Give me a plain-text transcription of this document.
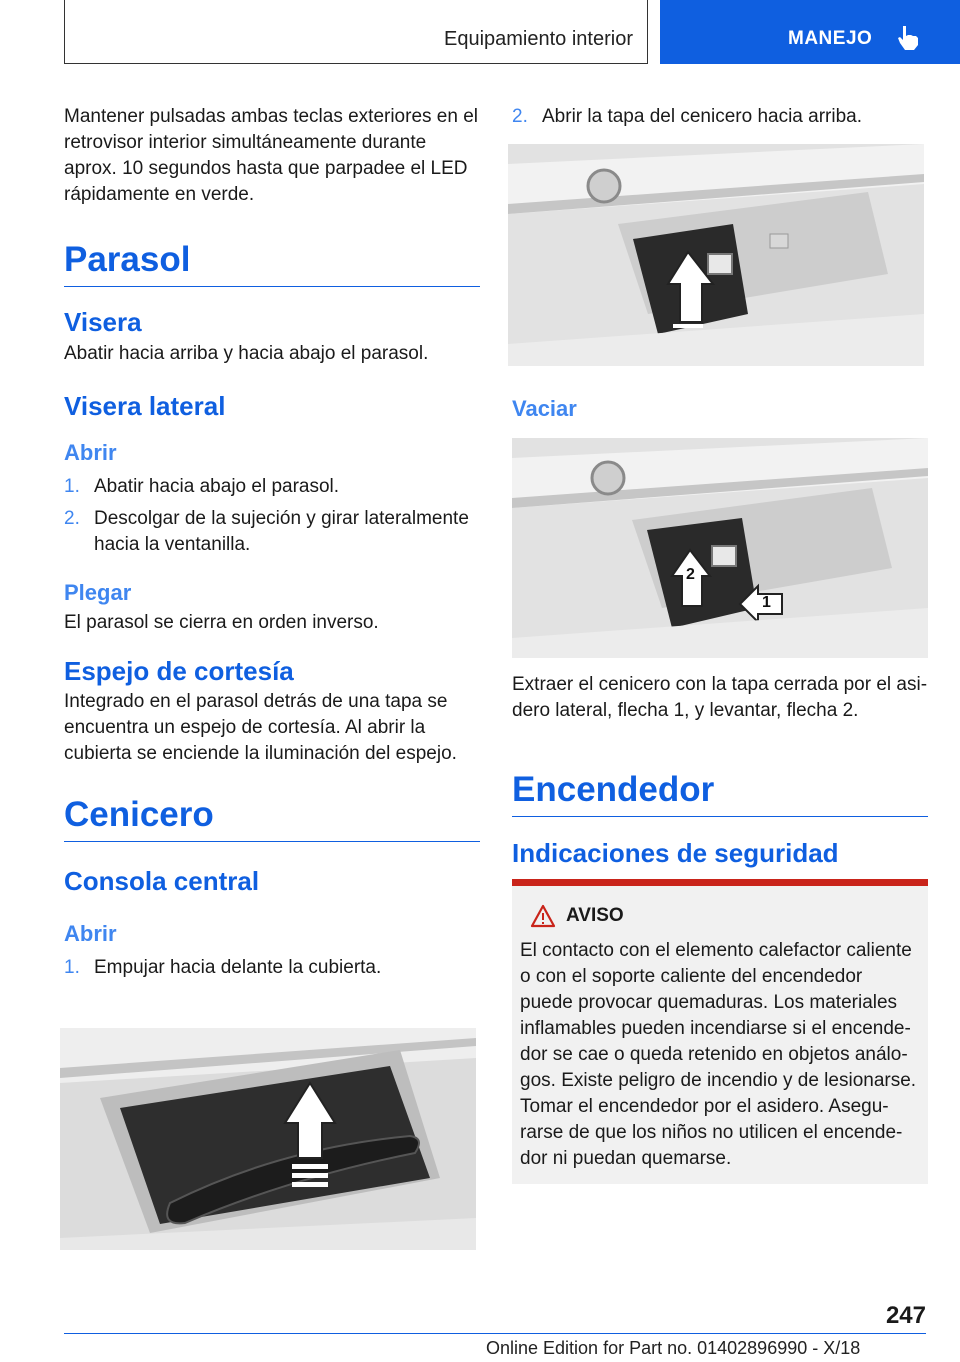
Equipamiento interior	MANEJO

Mantener pulsadas ambas teclas exteriores en el retrovisor interior simultáneamente durante aprox. 10 segundos hasta que parpadee el LED rápidamente en verde.

Parasol
Visera

Abatir hacia arriba y hacia abajo el parasol.

Visera lateral
Abrir
1. Abatir hacia abajo el parasol.
2. Descolgar de la sujeción y girar lateralmente hacia la ventanilla.
Plegar

El parasol se cierra en orden inverso.

Espejo de cortesía

Integrado en el parasol detrás de una tapa se encuentra un espejo de cortesía. Al abrir la cubierta se enciende la iluminación del espejo.

Cenicero
Consola central
Abrir
1. Empujar hacia delante la cubierta.
2. Abrir la tapa del cenicero hacia arriba.
Vaciar
2
1

Extraer el cenicero con la tapa cerrada por el asidero lateral, flecha 1, y levantar, flecha 2.

Encendedor
Indicaciones de seguridad
AVISO

El contacto con el elemento calefactor caliente o con el soporte caliente del encendedor puede provocar quemaduras. Los materiales inflamables pueden incendiarse si el encendedor se cae o queda retenido en objetos análogos. Existe peligro de incendio y de lesionarse. Tomar el encendedor por el asidero. Asegurarse de que los niños no utilicen el encendedor ni puedan quemarse.

247
Online Edition for Part no. 01402896990 - X/18
